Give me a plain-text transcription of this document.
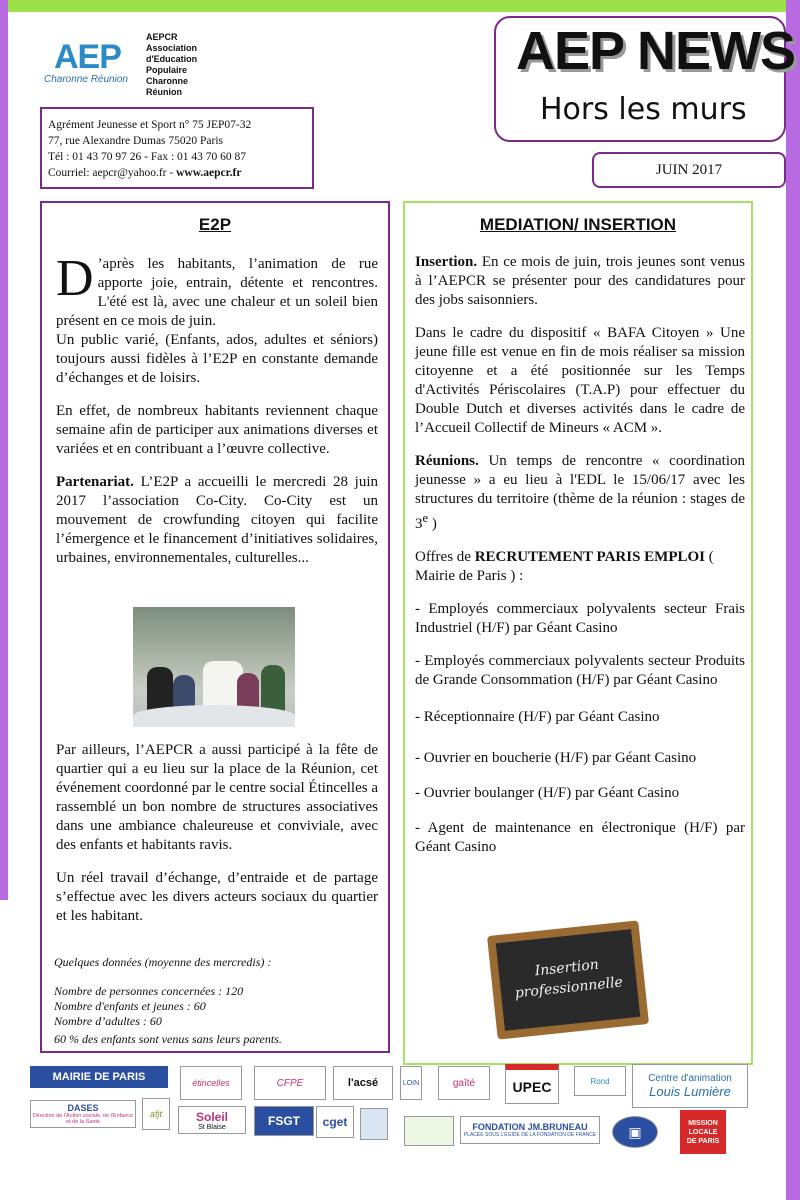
AEP
Charonne Réunion
AEPCR
Association
d'Education
Populaire
Charonne
Réunion
Agrément Jeunesse et Sport n° 75 JEP07-32
77, rue Alexandre Dumas 75020 Paris
Tél : 01 43 70 97 26 - Fax : 01 43 70 60 87
Courriel: aepcr@yahoo.fr - www.aepcr.fr
AEP NEWS
Hors les murs
JUIN 2017
E2P

D ’après les habitants, l’animation de rue apporte joie, entrain, détente et rencontres. L'été est là, avec une chaleur et un soleil bien présent en ce mois de juin.

Un public varié, (Enfants, ados, adultes et séniors) toujours aussi fidèles à l’E2P en constante demande d’échanges et de loisirs.

En effet, de nombreux habitants reviennent chaque semaine afin de participer aux animations diverses et variées et en contribuant a l’œuvre collective.

Partenariat. L’E2P a accueilli le mercredi 28 juin 2017 l’association Co-City. Co-City est un mouvement de crowfunding citoyen qui facilite l’émergence et le financement d’initiatives solidaires, urbaines, environnementales, culturelles...

Par ailleurs, l’AEPCR a aussi participé à la fête de quartier qui a eu lieu sur la place de la Réunion, cet événement coordonné par le centre social Étincelles a rassemblé un bon nombre de structures associatives dans une ambiance chaleureuse et conviviale, avec des enfants et habitants ravis.

Un réel travail d’échange, d’entraide et de partage s’effectue avec les divers acteurs sociaux du quartier et les habitant.

Quelques données (moyenne des mercredis) :
Nombre de personnes concernées : 120
Nombre d'enfants et jeunes : 60
Nombre d’adultes : 60
60 % des enfants sont venus sans leurs parents.
MEDIATION/ INSERTION

Insertion. En ce mois de juin, trois jeunes sont venus à l’AEPCR se présenter pour des candidatures pour des jobs saisonniers.

Dans le cadre du dispositif « BAFA Citoyen » Une jeune fille est venue en fin de mois réaliser sa mission citoyenne et a été positionnée sur les Temps d'Activités Périscolaires (T.A.P) pour effectuer du Double Dutch et diverses activités dans le cadre de l’Accueil Collectif de Mineurs « ACM ».

Réunions. Un temps de rencontre « coordination jeunesse » a eu lieu à l'EDL le 15/06/17 avec les structures du territoire (thème de la réunion : stages de 3e )

Offres de RECRUTEMENT PARIS EMPLOI ( Mairie de Paris ) :

- Employés commerciaux polyvalents secteur Frais Industriel (H/F) par Géant Casino

- Employés commerciaux polyvalents secteur Produits de Grande Consommation (H/F) par Géant Casino

- Réceptionnaire (H/F) par Géant Casino

- Ouvrier en boucherie (H/F) par Géant Casino

- Ouvrier boulanger (H/F) par Géant Casino

- Agent de maintenance en électronique (H/F) par Géant Casino

Insertion
professionnelle
MAIRIE DE PARIS	étincelles	CFPE	l'acsé	LOIN	gaîté	UPEC	Rond	Centre d'animation
Louis Lumière
DASES
Direction de l'Action sociale, de l'Enfance et de la Santé
afjt	Soleil
St Blaise	FSGT cget	FONDATION JM.BRUNEAU
PLACÉE SOUS L'ÉGIDE DE LA FONDATION DE FRANCE ▣
MISSION
LOCALE
DE PARIS
